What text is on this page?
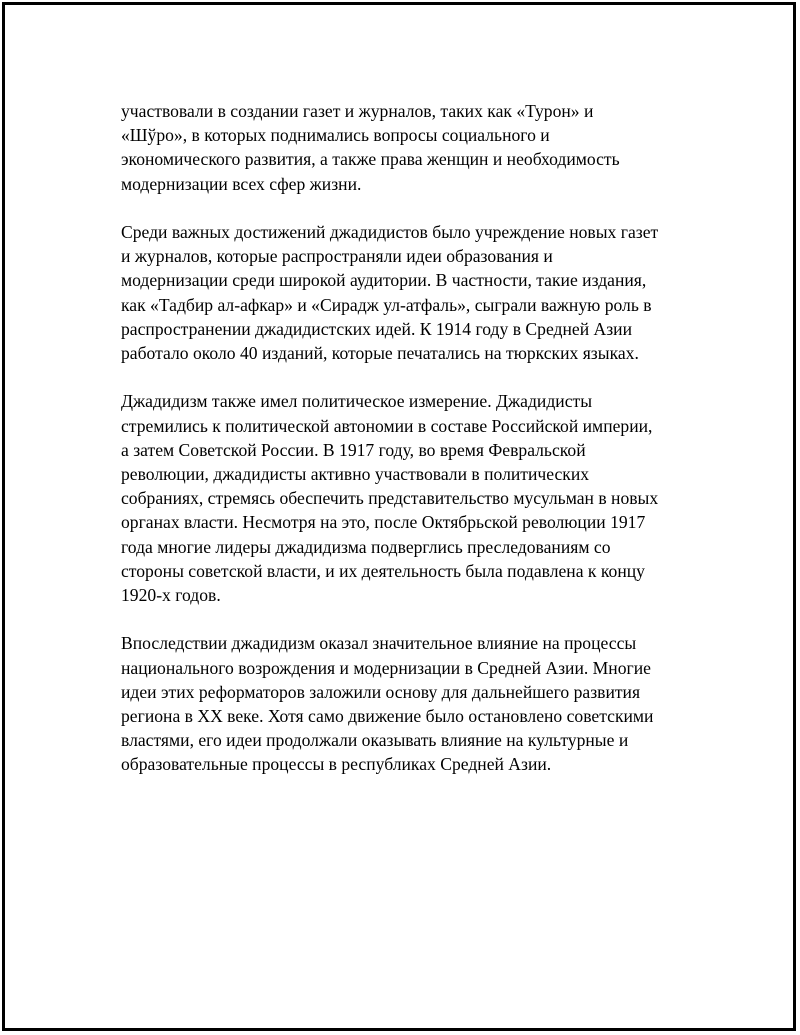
участвовали в создании газет и журналов, таких как «Турон» и
«Шўро», в которых поднимались вопросы социального и
экономического развития, а также права женщин и необходимость
модернизации всех сфер жизни.

Среди важных достижений джадидистов было учреждение новых газет
и журналов, которые распространяли идеи образования и
модернизации среди широкой аудитории. В частности, такие издания,
как «Тадбир ал-афкар» и «Сирадж ул-атфаль», сыграли важную роль в
распространении джадидистских идей. К 1914 году в Средней Азии
работало около 40 изданий, которые печатались на тюркских языках.

Джадидизм также имел политическое измерение. Джадидисты
стремились к политической автономии в составе Российской империи,
а затем Советской России. В 1917 году, во время Февральской
революции, джадидисты активно участвовали в политических
собраниях, стремясь обеспечить представительство мусульман в новых
органах власти. Несмотря на это, после Октябрьской революции 1917
года многие лидеры джадидизма подверглись преследованиям со
стороны советской власти, и их деятельность была подавлена к концу
1920-х годов.

Впоследствии джадидизм оказал значительное влияние на процессы
национального возрождения и модернизации в Средней Азии. Многие
идеи этих реформаторов заложили основу для дальнейшего развития
региона в XX веке. Хотя само движение было остановлено советскими
властями, его идеи продолжали оказывать влияние на культурные и
образовательные процессы в республиках Средней Азии.
